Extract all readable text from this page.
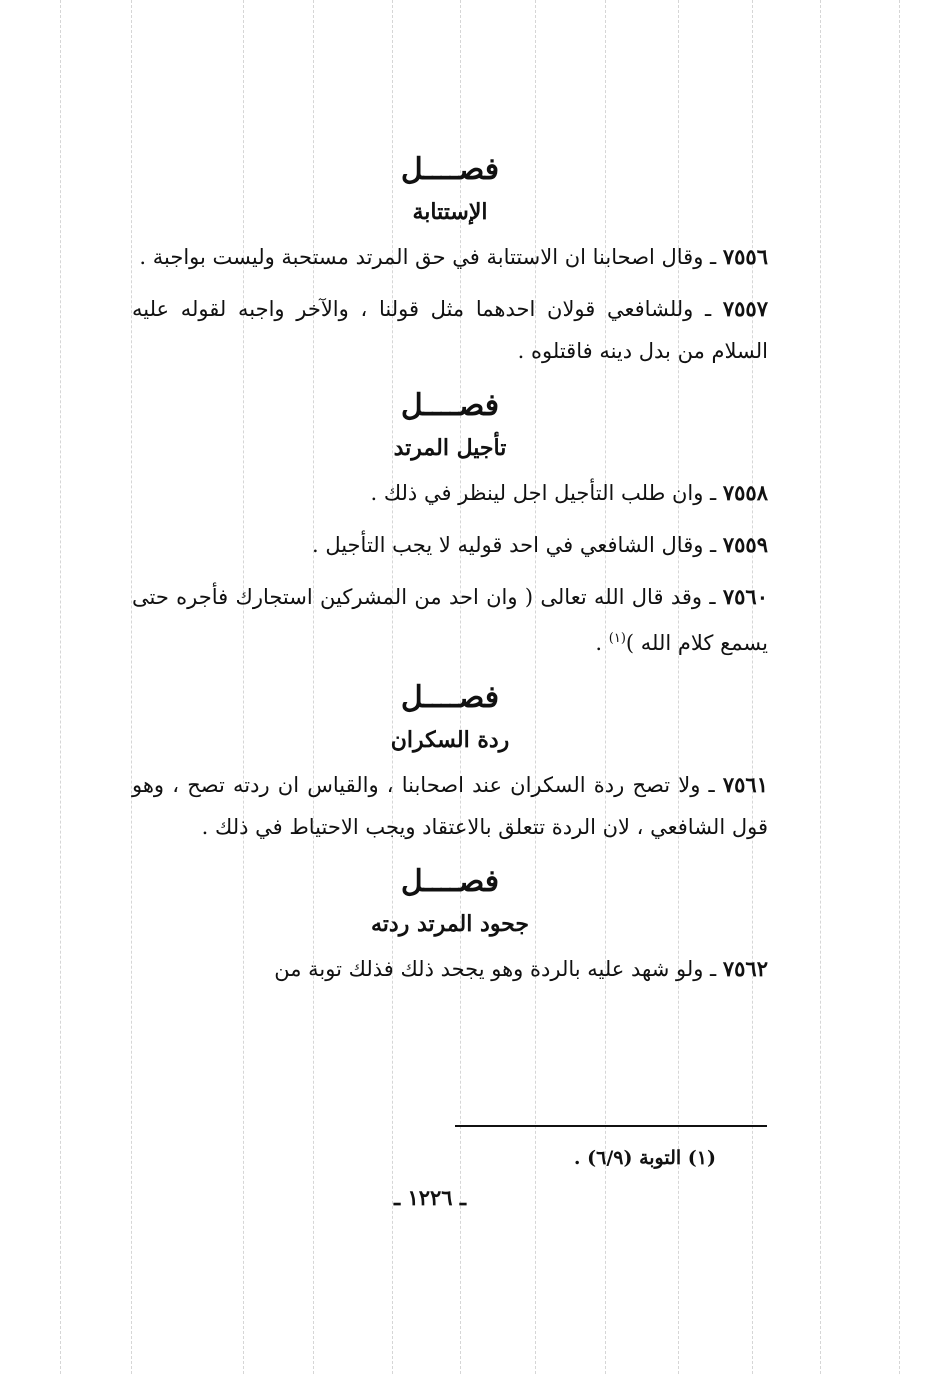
فصــــل
الإستتابة

٧٥٥٦ ـ وقال اصحابنا ان الاستتابة في حق المرتد مستحبة وليست بواجبة .

٧٥٥٧ ـ وللشافعي قولان احدهما مثل قولنا ، والآخر واجبه لقوله عليه السلام من بدل دينه فاقتلوه .

فصــــل
تأجيل المرتد

٧٥٥٨ ـ وان طلب التأجيل اجل لينظر في ذلك .

٧٥٥٩ ـ وقال الشافعي في احد قوليه لا يجب التأجيل .

٧٥٦٠ ـ وقد قال الله تعالى ( وان احد من المشركين استجارك فأجره حتى يسمع كلام الله )$^{(١)}$ .

فصــــل
ردة السكران

٧٥٦١ ـ ولا تصح ردة السكران عند اصحابنا ، والقياس ان ردته تصح ، وهو قول الشافعي ، لان الردة تتعلق بالاعتقاد ويجب الاحتياط في ذلك .

فصــــل
جحود المرتد ردته

٧٥٦٢ ـ ولو شهد عليه بالردة وهو يجحد ذلك فذلك توبة من

(١) التوبة (٦/٩) .
ـ ١٢٢٦ ـ
